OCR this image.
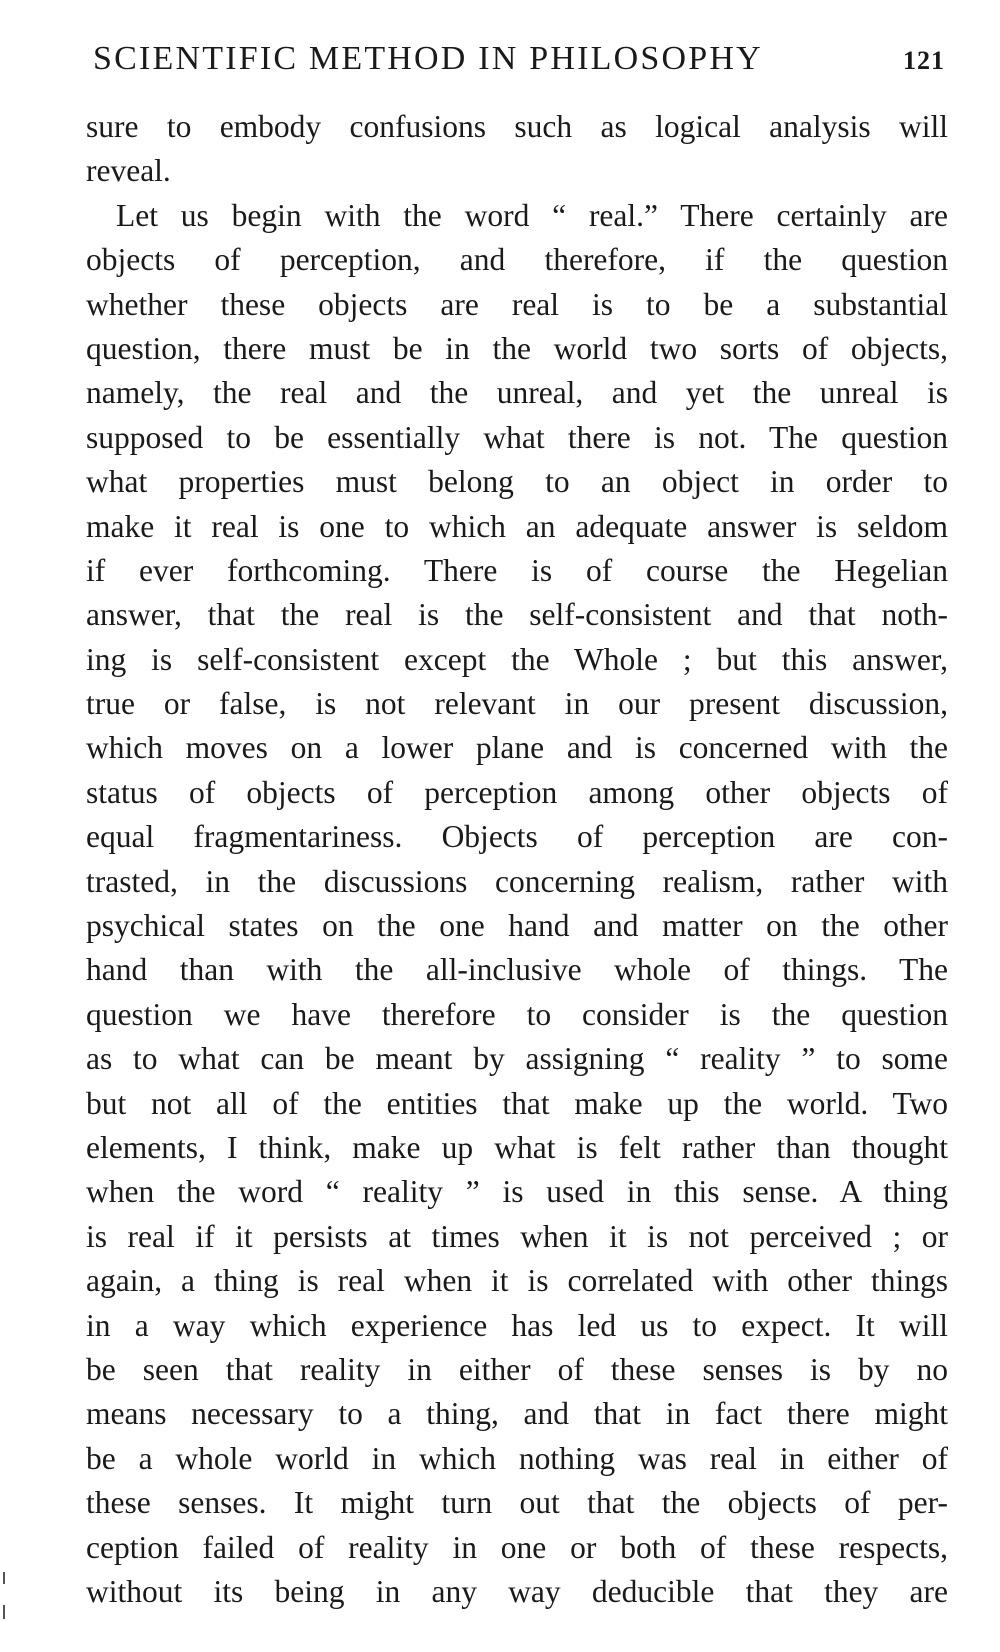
SCIENTIFIC METHOD IN PHILOSOPHY	121
sure to embody confusions such as logical analysis will
reveal.
Let us begin with the word “ real.” There certainly are
objects of perception, and therefore, if the question
whether these objects are real is to be a substantial
question, there must be in the world two sorts of objects,
namely, the real and the unreal, and yet the unreal is
supposed to be essentially what there is not. The question
what properties must belong to an object in order to
make it real is one to which an adequate answer is seldom
if ever forthcoming. There is of course the Hegelian
answer, that the real is the self-consistent and that noth-
ing is self-consistent except the Whole ; but this answer,
true or false, is not relevant in our present discussion,
which moves on a lower plane and is concerned with the
status of objects of perception among other objects of
equal fragmentariness. Objects of perception are con-
trasted, in the discussions concerning realism, rather with
psychical states on the one hand and matter on the other
hand than with the all-inclusive whole of things. The
question we have therefore to consider is the question
as to what can be meant by assigning “ reality ” to some
but not all of the entities that make up the world. Two
elements, I think, make up what is felt rather than thought
when the word “ reality ” is used in this sense. A thing
is real if it persists at times when it is not perceived ; or
again, a thing is real when it is correlated with other things
in a way which experience has led us to expect. It will
be seen that reality in either of these senses is by no
means necessary to a thing, and that in fact there might
be a whole world in which nothing was real in either of
these senses. It might turn out that the objects of per-
ception failed of reality in one or both of these respects,
without its being in any way deducible that they are
